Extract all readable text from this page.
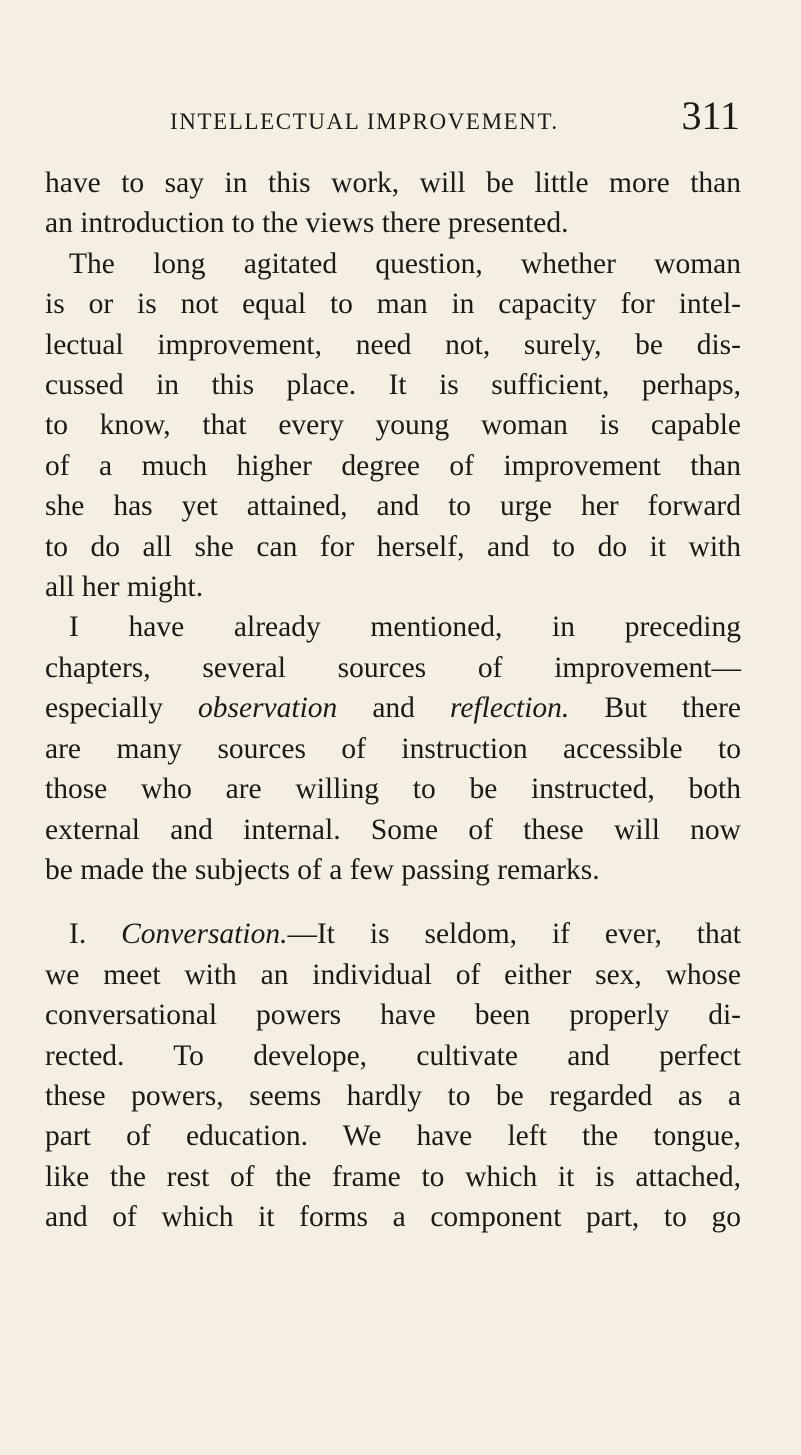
INTELLECTUAL IMPROVEMENT.	311

have to say in this work, will be little more than
an introduction to the views there presented.

The long agitated question, whether woman
is or is not equal to man in capacity for intel-
lectual improvement, need not, surely, be dis-
cussed in this place. It is sufficient, perhaps,
to know, that every young woman is capable
of a much higher degree of improvement than
she has yet attained, and to urge her forward
to do all she can for herself, and to do it with
all her might.

I have already mentioned, in preceding
chapters, several sources of improvement—
especially observation and reflection. But there
are many sources of instruction accessible to
those who are willing to be instructed, both
external and internal. Some of these will now
be made the subjects of a few passing remarks.

I. Conversation.—It is seldom, if ever, that
we meet with an individual of either sex, whose
conversational powers have been properly di-
rected. To develope, cultivate and perfect
these powers, seems hardly to be regarded as a
part of education. We have left the tongue,
like the rest of the frame to which it is attached,
and of which it forms a component part, to go
